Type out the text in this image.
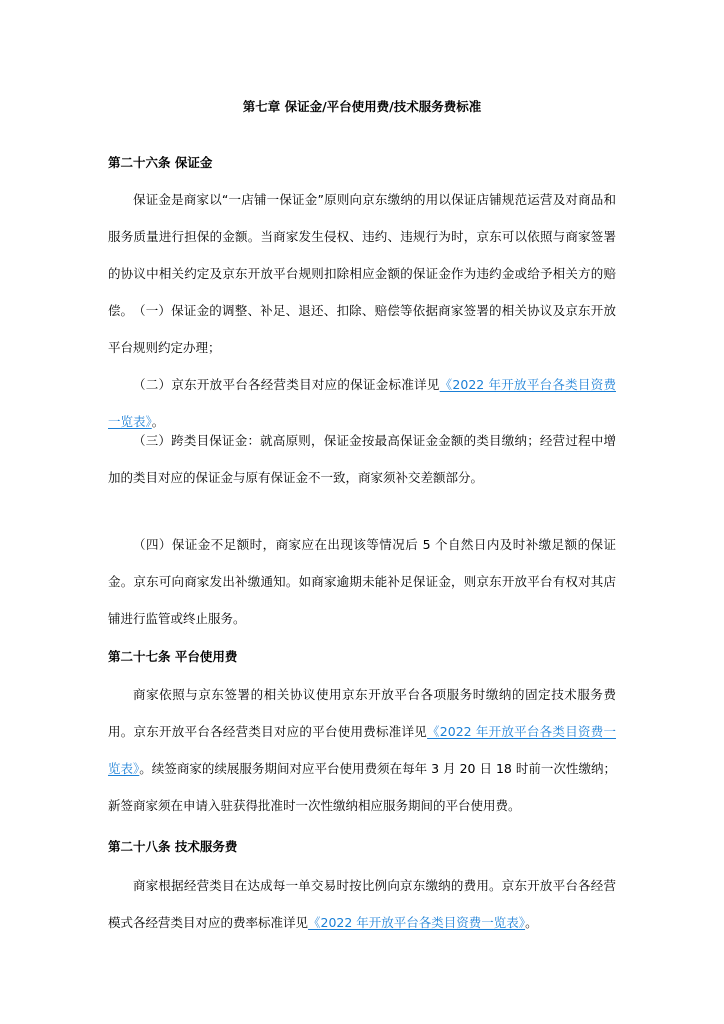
第七章 保证金/平台使用费/技术服务费标准
第二十六条 保证金

保证金是商家以“一店铺一保证金”原则向京东缴纳的用以保证店铺规范运营及对商品和服务质量进行担保的金额。当商家发生侵权、违约、违规行为时，京东可以依照与商家签署的协议中相关约定及京东开放平台规则扣除相应金额的保证金作为违约金或给予相关方的赔偿。 （一）保证金的调整、补足、退还、扣除、赔偿等依据商家签署的相关协议及京东开放平台规则约定办理；

（二）京东开放平台各经营类目对应的保证金标准详见《2022 年开放平台各类目资费一览表》。

（三）跨类目保证金：就高原则，保证金按最高保证金金额的类目缴纳；经营过程中增加的类目对应的保证金与原有保证金不一致，商家须补交差额部分。

（四）保证金不足额时，商家应在出现该等情况后 5 个自然日内及时补缴足额的保证金。京东可向商家发出补缴通知。如商家逾期未能补足保证金，则京东开放平台有权对其店铺进行监管或终止服务。

第二十七条 平台使用费

商家依照与京东签署的相关协议使用京东开放平台各项服务时缴纳的固定技术服务费用。京东开放平台各经营类目对应的平台使用费标准详见《2022 年开放平台各类目资费一览表》。续签商家的续展服务期间对应平台使用费须在每年 3 月 20 日 18 时前一次性缴纳；新签商家须在申请入驻获得批准时一次性缴纳相应服务期间的平台使用费。

第二十八条 技术服务费

商家根据经营类目在达成每一单交易时按比例向京东缴纳的费用。京东开放平台各经营模式各经营类目对应的费率标准详见《2022 年开放平台各类目资费一览表》。
